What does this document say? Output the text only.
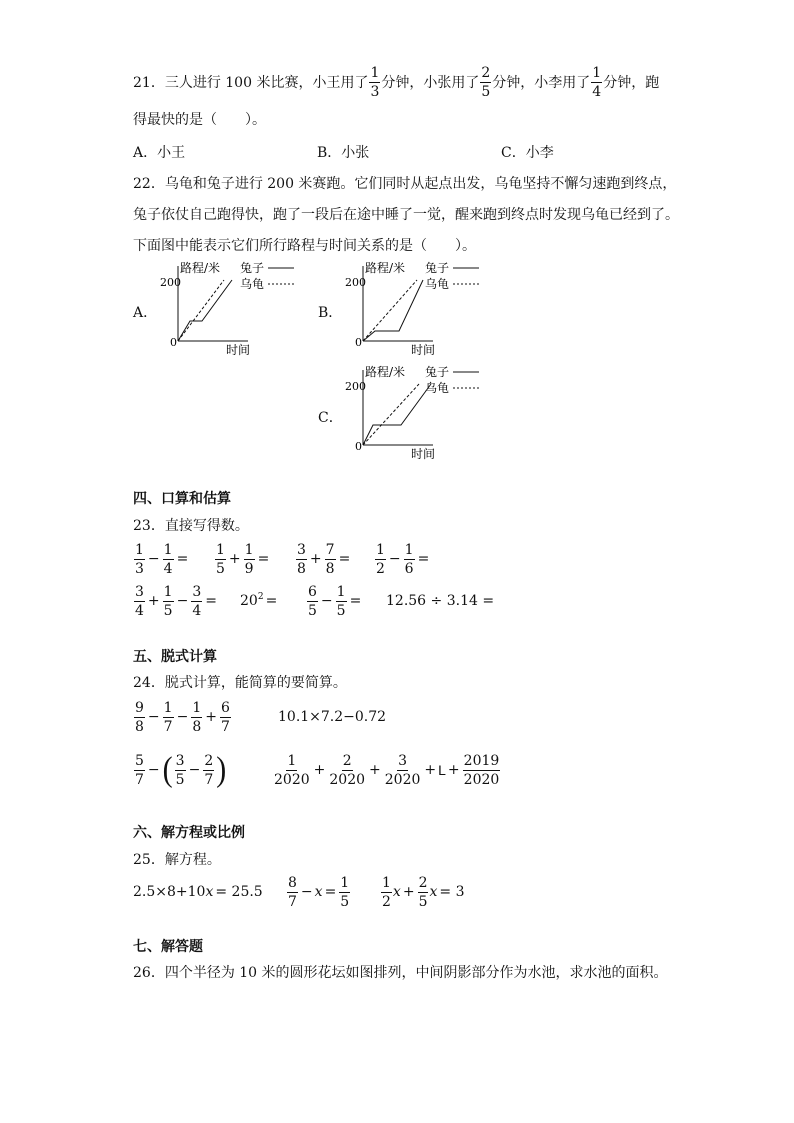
21． 三人进行 100 米比赛，小王用了 $\frac{1}{3}$ 分钟，小张用了 $\frac{2}{5}$ 分钟，小李用了 $\frac{1}{4}$ 分钟，跑
得最快的是（　　）。
A．小王	B．小张	C．小李
22．乌龟和兔子进行 200 米赛跑。它们同时从起点出发，乌龟坚持不懈匀速跑到终点，
兔子依仗自己跑得快，跑了一段后在途中睡了一觉，醒来跑到终点时发现乌龟已经到了。
下面图中能表示它们所行路程与时间关系的是（　　）。
A．	B．
C．
路程/米
200
0
时间
兔子
乌龟
路程/米
200
0
时间
兔子
乌龟
路程/米
200
0
时间
兔子
乌龟
四、口算和估算
23．直接写得数。
$\frac{1}{3} - \frac{1}{4} = \frac{1}{5} + \frac{1}{9} = \frac{3}{8} + \frac{7}{8} = \frac{1}{2} - \frac{1}{6}$ =
$\frac{3}{4} + \frac{1}{5} - \frac{3}{4} = 20^2 = \frac{6}{5} - \frac{1}{5} = 12.56 \div 3.14$ =
五、脱式计算
24．脱式计算，能简算的要简算。
$\frac{9}{8} - \frac{1}{7} - \frac{1}{8} + \frac{6}{7}$	10.1×7.2−0.72
$\frac{5}{7}$ − ( $\frac{3}{5} - \frac{2}{7}$ )	$\frac{1}{2020} + \frac{2}{2020} + \frac{3}{2020} + L + \frac{2019}{2020}$
六、解方程或比例
25．解方程。
2.5×8+10 $x = 25.5 \frac{8}{7} - x = \frac{1}{5} \frac{1}{2}$ $x + \frac{2}{5}$ x = 3
七、解答题
26．四个半径为 10 米的圆形花坛如图排列，中间阴影部分作为水池，求水池的面积。
